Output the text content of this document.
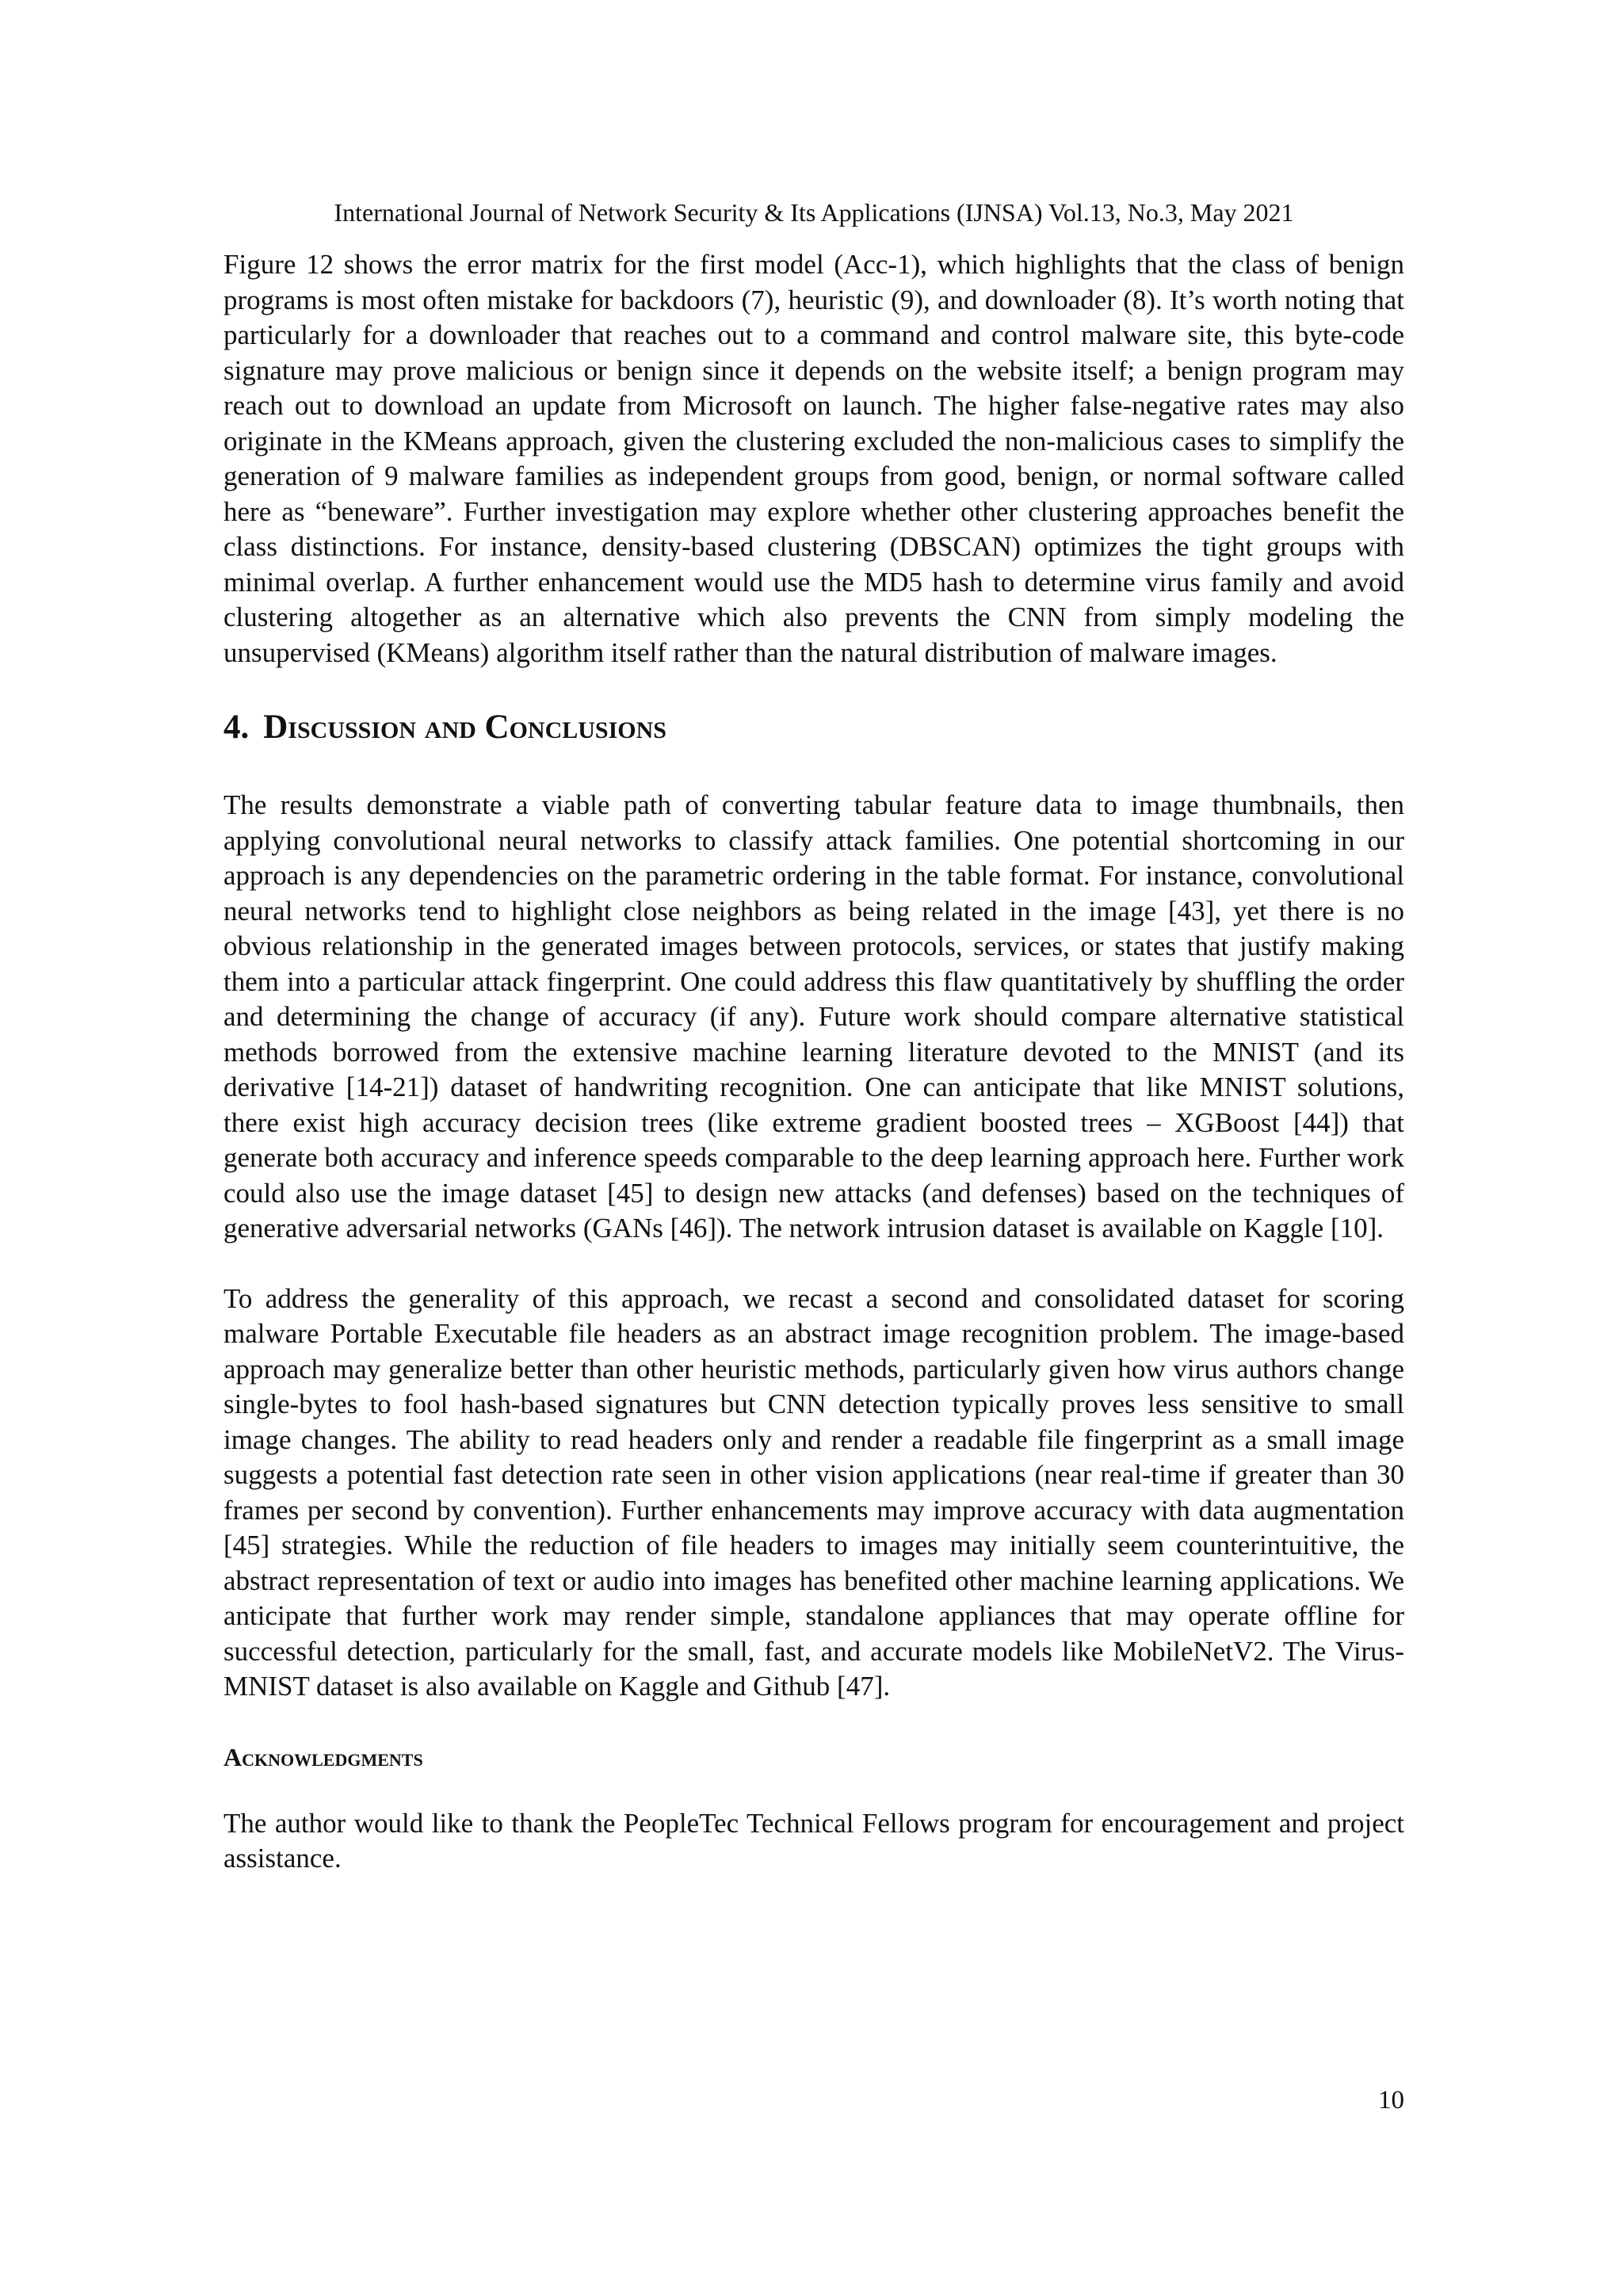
International Journal of Network Security & Its Applications (IJNSA) Vol.13, No.3, May 2021

Figure 12 shows the error matrix for the first model (Acc-1), which highlights that the class of benign programs is most often mistake for backdoors (7), heuristic (9), and downloader (8). It’s worth noting that particularly for a downloader that reaches out to a command and control malware site, this byte-code signature may prove malicious or benign since it depends on the website itself; a benign program may reach out to download an update from Microsoft on launch. The higher false-negative rates may also originate in the KMeans approach, given the clustering excluded the non-malicious cases to simplify the generation of 9 malware families as independent groups from good, benign, or normal software called here as “beneware”. Further investigation may explore whether other clustering approaches benefit the class distinctions. For instance, density-based clustering (DBSCAN) optimizes the tight groups with minimal overlap. A further enhancement would use the MD5 hash to determine virus family and avoid clustering altogether as an alternative which also prevents the CNN from simply modeling the unsupervised (KMeans) algorithm itself rather than the natural distribution of malware images.

4. Discussion and Conclusions

The results demonstrate a viable path of converting tabular feature data to image thumbnails, then applying convolutional neural networks to classify attack families. One potential shortcoming in our approach is any dependencies on the parametric ordering in the table format. For instance, convolutional neural networks tend to highlight close neighbors as being related in the image [43], yet there is no obvious relationship in the generated images between protocols, services, or states that justify making them into a particular attack fingerprint. One could address this flaw quantitatively by shuffling the order and determining the change of accuracy (if any). Future work should compare alternative statistical methods borrowed from the extensive machine learning literature devoted to the MNIST (and its derivative [14-21]) dataset of handwriting recognition. One can anticipate that like MNIST solutions, there exist high accuracy decision trees (like extreme gradient boosted trees – XGBoost [44]) that generate both accuracy and inference speeds comparable to the deep learning approach here. Further work could also use the image dataset [45] to design new attacks (and defenses) based on the techniques of generative adversarial networks (GANs [46]). The network intrusion dataset is available on Kaggle [10].

To address the generality of this approach, we recast a second and consolidated dataset for scoring malware Portable Executable file headers as an abstract image recognition problem. The image-based approach may generalize better than other heuristic methods, particularly given how virus authors change single-bytes to fool hash-based signatures but CNN detection typically proves less sensitive to small image changes. The ability to read headers only and render a readable file fingerprint as a small image suggests a potential fast detection rate seen in other vision applications (near real-time if greater than 30 frames per second by convention). Further enhancements may improve accuracy with data augmentation [45] strategies. While the reduction of file headers to images may initially seem counterintuitive, the abstract representation of text or audio into images has benefited other machine learning applications. We anticipate that further work may render simple, standalone appliances that may operate offline for successful detection, particularly for the small, fast, and accurate models like MobileNetV2. The Virus-MNIST dataset is also available on Kaggle and Github [47].

Acknowledgments

The author would like to thank the PeopleTec Technical Fellows program for encouragement and project assistance.

10
